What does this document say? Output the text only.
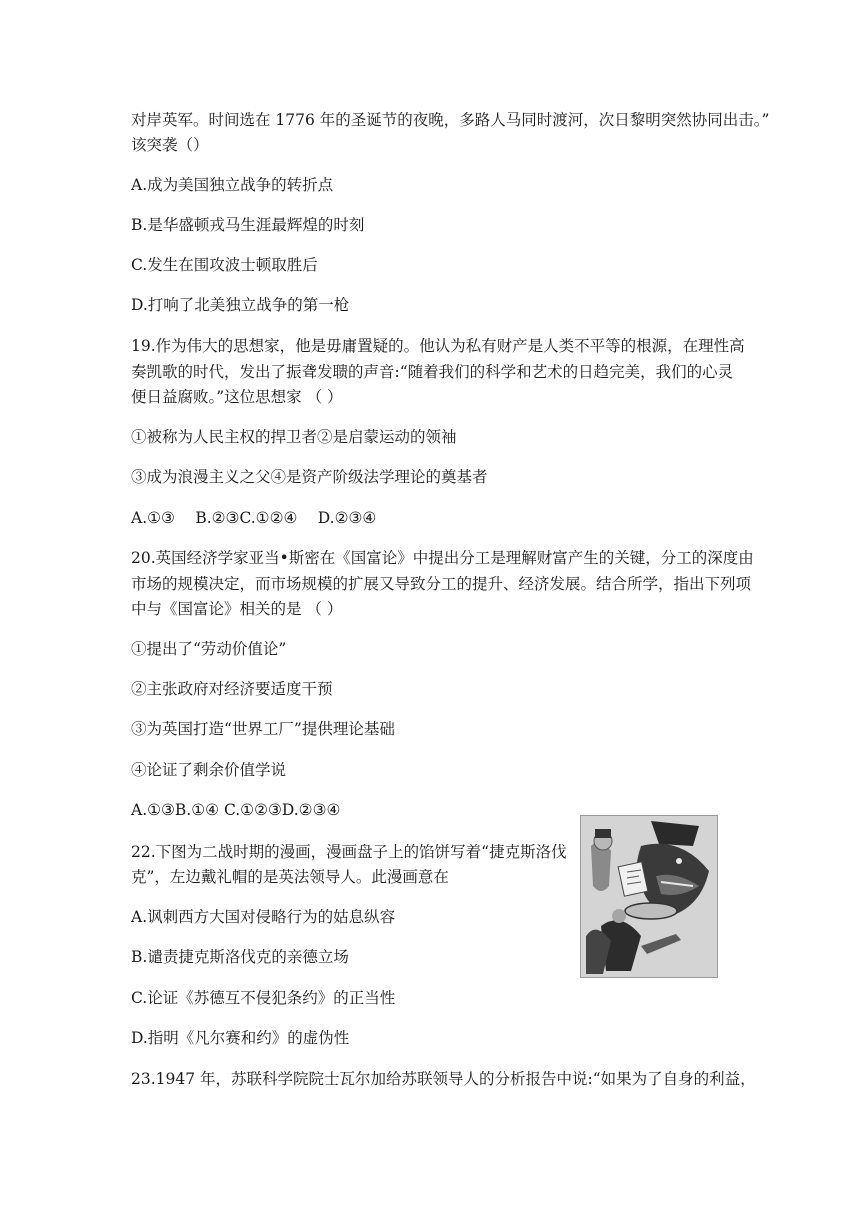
对岸英军。时间选在 1776 年的圣诞节的夜晚，多路人马同时渡河，次日黎明突然协同出击。”
该突袭（）
A.成为美国独立战争的转折点
B.是华盛顿戎马生涯最辉煌的时刻
C.发生在围攻波士顿取胜后
D.打响了北美独立战争的第一枪
19.作为伟大的思想家，他是毋庸置疑的。他认为私有财产是人类不平等的根源，在理性高
奏凯歌的时代，发出了振聋发聩的声音:“随着我们的科学和艺术的日趋完美，我们的心灵
便日益腐败。”这位思想家 （ ）
①被称为人民主权的捍卫者②是启蒙运动的领袖
③成为浪漫主义之父④是资产阶级法学理论的奠基者
A.①③　 B.②③C.①②④　 D.②③④
20.英国经济学家亚当•斯密在《国富论》中提出分工是理解财富产生的关键，分工的深度由
市场的规模决定，而市场规模的扩展又导致分工的提升、经济发展。结合所学，指出下列项
中与《国富论》相关的是 （ ）
①提出了“劳动价值论”
②主张政府对经济要适度干预
③为英国打造“世界工厂”提供理论基础
④论证了剩余价值学说
A.①③B.①④ C.①②③D.②③④
22.下图为二战时期的漫画，漫画盘子上的馅饼写着“捷克斯洛伐
克”，左边戴礼帽的是英法领导人。此漫画意在
A.讽刺西方大国对侵略行为的姑息纵容
B.谴责捷克斯洛伐克的亲德立场
C.论证《苏德互不侵犯条约》的正当性
D.指明《凡尔赛和约》的虚伪性
23.1947 年，苏联科学院院士瓦尔加给苏联领导人的分析报告中说:“如果为了自身的利益，
